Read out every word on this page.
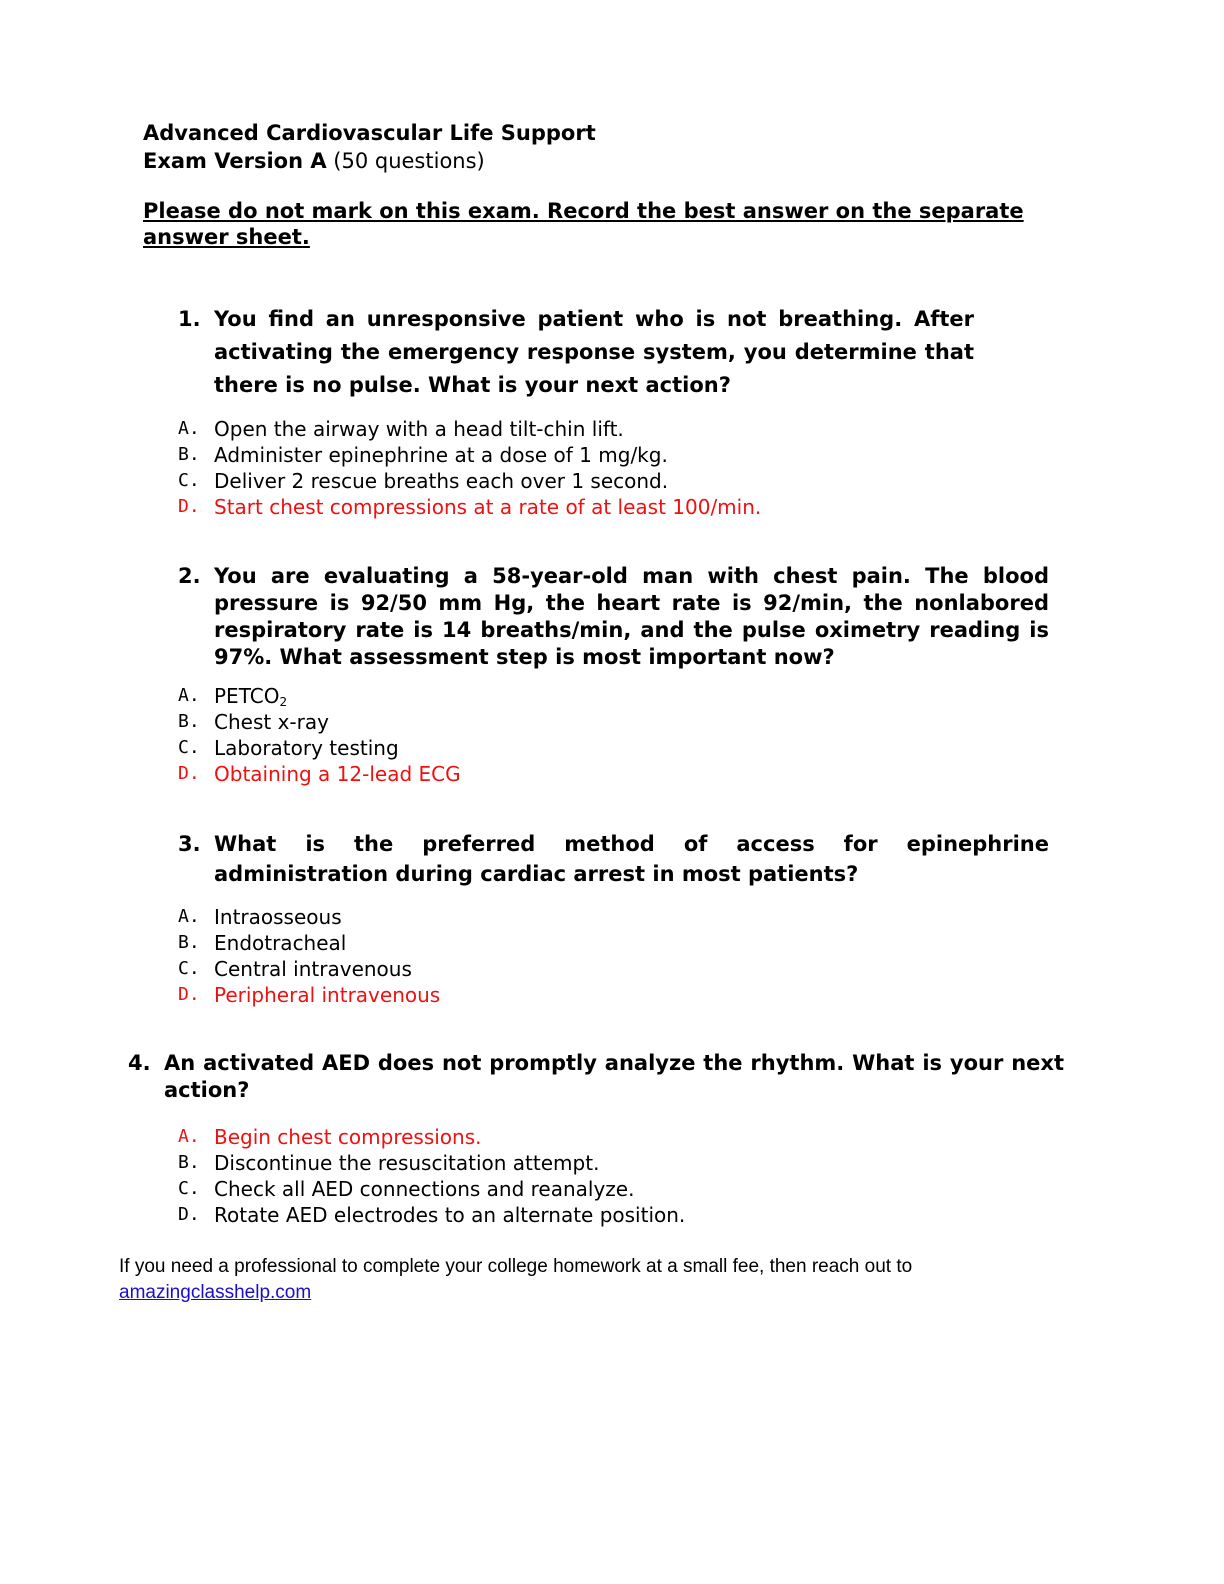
Advanced Cardiovascular Life Support
Exam Version A (50 questions)
Please do not mark on this exam. Record the best answer on the separate answer sheet.
1. You find an unresponsive patient who is not breathing. After activating the emergency response system, you determine that there is no pulse. What is your next action?
A. Open the airway with a head tilt-chin lift.
B. Administer epinephrine at a dose of 1 mg/kg.
C. Deliver 2 rescue breaths each over 1 second.
D. Start chest compressions at a rate of at least 100/min.
2. You are evaluating a 58-year-old man with chest pain. The blood pressure is 92/50 mm Hg, the heart rate is 92/min, the nonlabored respiratory rate is 14 breaths/min, and the pulse oximetry reading is 97%. What assessment step is most important now?
A. $PETCO_2$
B. Chest x-ray
C. Laboratory testing
D. Obtaining a 12-lead ECG
3. What is the preferred method of access for epinephrine administration during cardiac arrest in most patients?
A. Intraosseous
B. Endotracheal
C. Central intravenous
D. Peripheral intravenous
4. An activated AED does not promptly analyze the rhythm. What is your next action?
A. Begin chest compressions.
B. Discontinue the resuscitation attempt.
C. Check all AED connections and reanalyze.
D. Rotate AED electrodes to an alternate position.
If you need a professional to complete your college homework at a small fee, then reach out to
amazingclasshelp.com
